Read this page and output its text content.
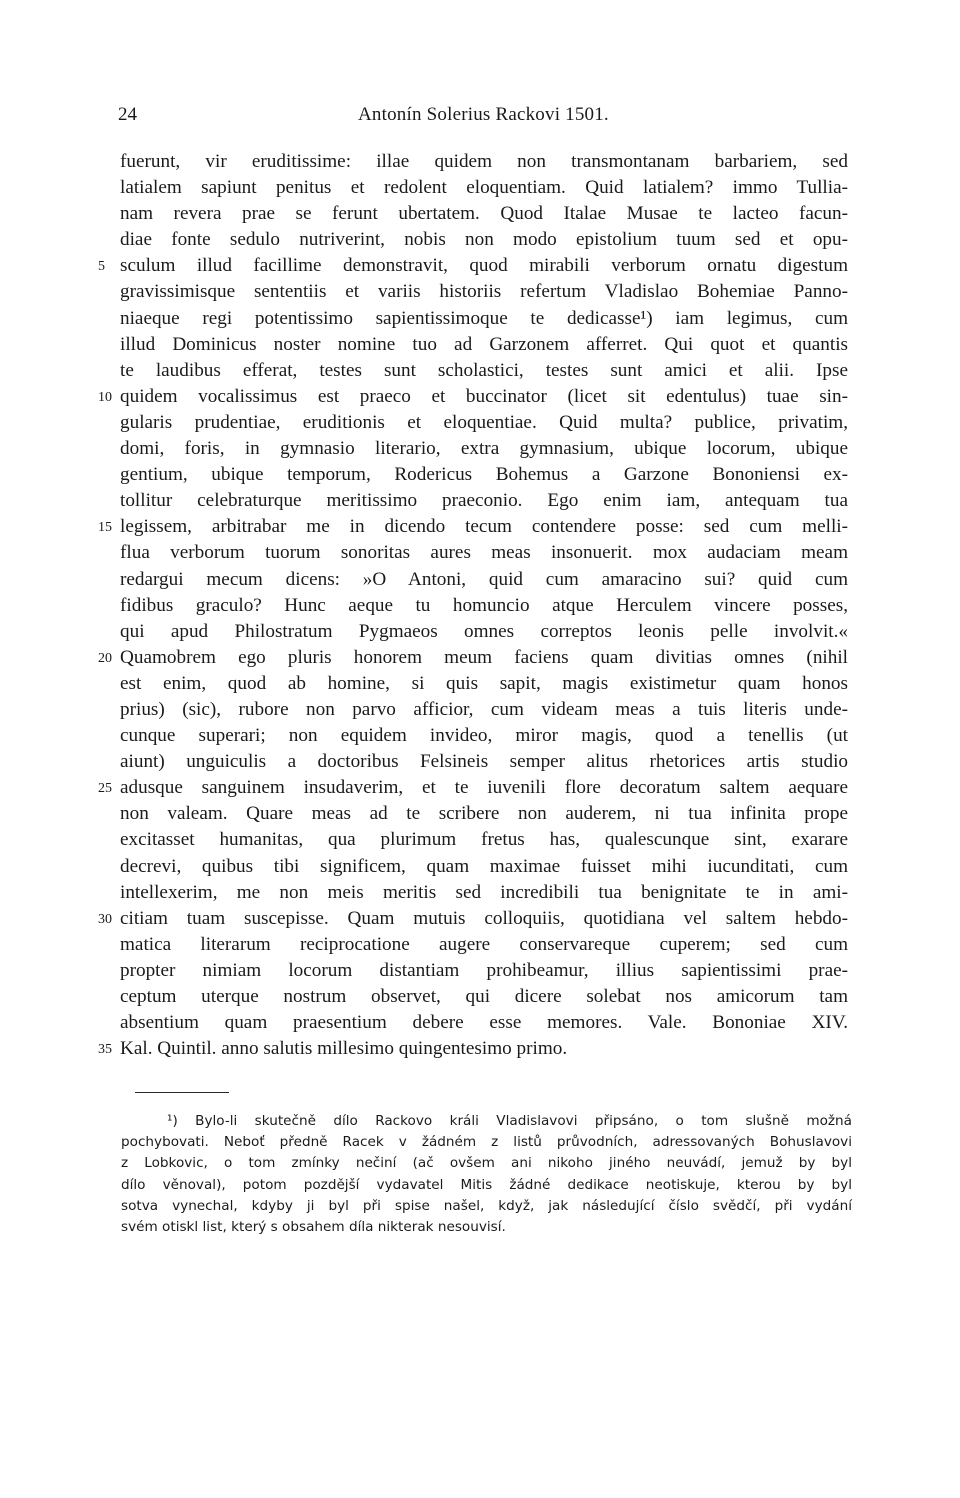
24	Antonín Solerius Rackovi 1501.
fuerunt, vir eruditissime: illae quidem non transmontanam barbariem, sed
latialem sapiunt penitus et redolent eloquentiam. Quid latialem? immo Tullia-
nam revera prae se ferunt ubertatem. Quod Italae Musae te lacteo facun-
diae fonte sedulo nutriverint, nobis non modo epistolium tuum sed et opu-
5 sculum illud facillime demonstravit, quod mirabili verborum ornatu digestum
gravissimisque sententiis et variis historiis refertum Vladislao Bohemiae Panno-
niaeque regi potentissimo sapientissimoque te dedicasse¹) iam legimus, cum
illud Dominicus noster nomine tuo ad Garzonem afferret. Qui quot et quantis
te laudibus efferat, testes sunt scholastici, testes sunt amici et alii. Ipse
10 quidem vocalissimus est praeco et buccinator (licet sit edentulus) tuae sin-
gularis prudentiae, eruditionis et eloquentiae. Quid multa? publice, privatim,
domi, foris, in gymnasio literario, extra gymnasium, ubique locorum, ubique
gentium, ubique temporum, Rodericus Bohemus a Garzone Bononiensi ex-
tollitur celebraturque meritissimo praeconio. Ego enim iam, antequam tua
15 legissem, arbitrabar me in dicendo tecum contendere posse: sed cum melli-
flua verborum tuorum sonoritas aures meas insonuerit. mox audaciam meam
redargui mecum dicens: »O Antoni, quid cum amaracino sui? quid cum
fidibus graculo? Hunc aeque tu homuncio atque Herculem vincere posses,
qui apud Philostratum Pygmaeos omnes correptos leonis pelle involvit.«
20 Quamobrem ego pluris honorem meum faciens quam divitias omnes (nihil
est enim, quod ab homine, si quis sapit, magis existimetur quam honos
prius) (sic), rubore non parvo afficior, cum videam meas a tuis literis unde-
cunque superari; non equidem invideo, miror magis, quod a tenellis (ut
aiunt) unguiculis a doctoribus Felsineis semper alitus rhetorices artis studio
25 adusque sanguinem insudaverim, et te iuvenili flore decoratum saltem aequare
non valeam. Quare meas ad te scribere non auderem, ni tua infinita prope
excitasset humanitas, qua plurimum fretus has, qualescunque sint, exarare
decrevi, quibus tibi significem, quam maximae fuisset mihi iucunditati, cum
intellexerim, me non meis meritis sed incredibili tua benignitate te in ami-
30 citiam tuam suscepisse. Quam mutuis colloquiis, quotidiana vel saltem hebdo-
matica literarum reciprocatione augere conservareque cuperem; sed cum
propter nimiam locorum distantiam prohibeamur, illius sapientissimi prae-
ceptum uterque nostrum observet, qui dicere solebat nos amicorum tam
absentium quam praesentium debere esse memores. Vale. Bononiae XIV.
35 Kal. Quintil. anno salutis millesimo quingentesimo primo.
¹) Bylo-li skutečně dílo Rackovo králi Vladislavovi připsáno, o tom slušně možná
pochybovati. Neboť předně Racek v žádném z listů průvodních, adressovaných Bohuslavovi
z Lobkovic, o tom zmínky nečiní (ač ovšem ani nikoho jiného neuvádí, jemuž by byl
dílo věnoval), potom pozdější vydavatel Mitis žádné dedikace neotiskuje, kterou by byl
sotva vynechal, kdyby ji byl při spise našel, když, jak následující číslo svědčí, při vydání
svém otiskl list, který s obsahem díla nikterak nesouvisí.
